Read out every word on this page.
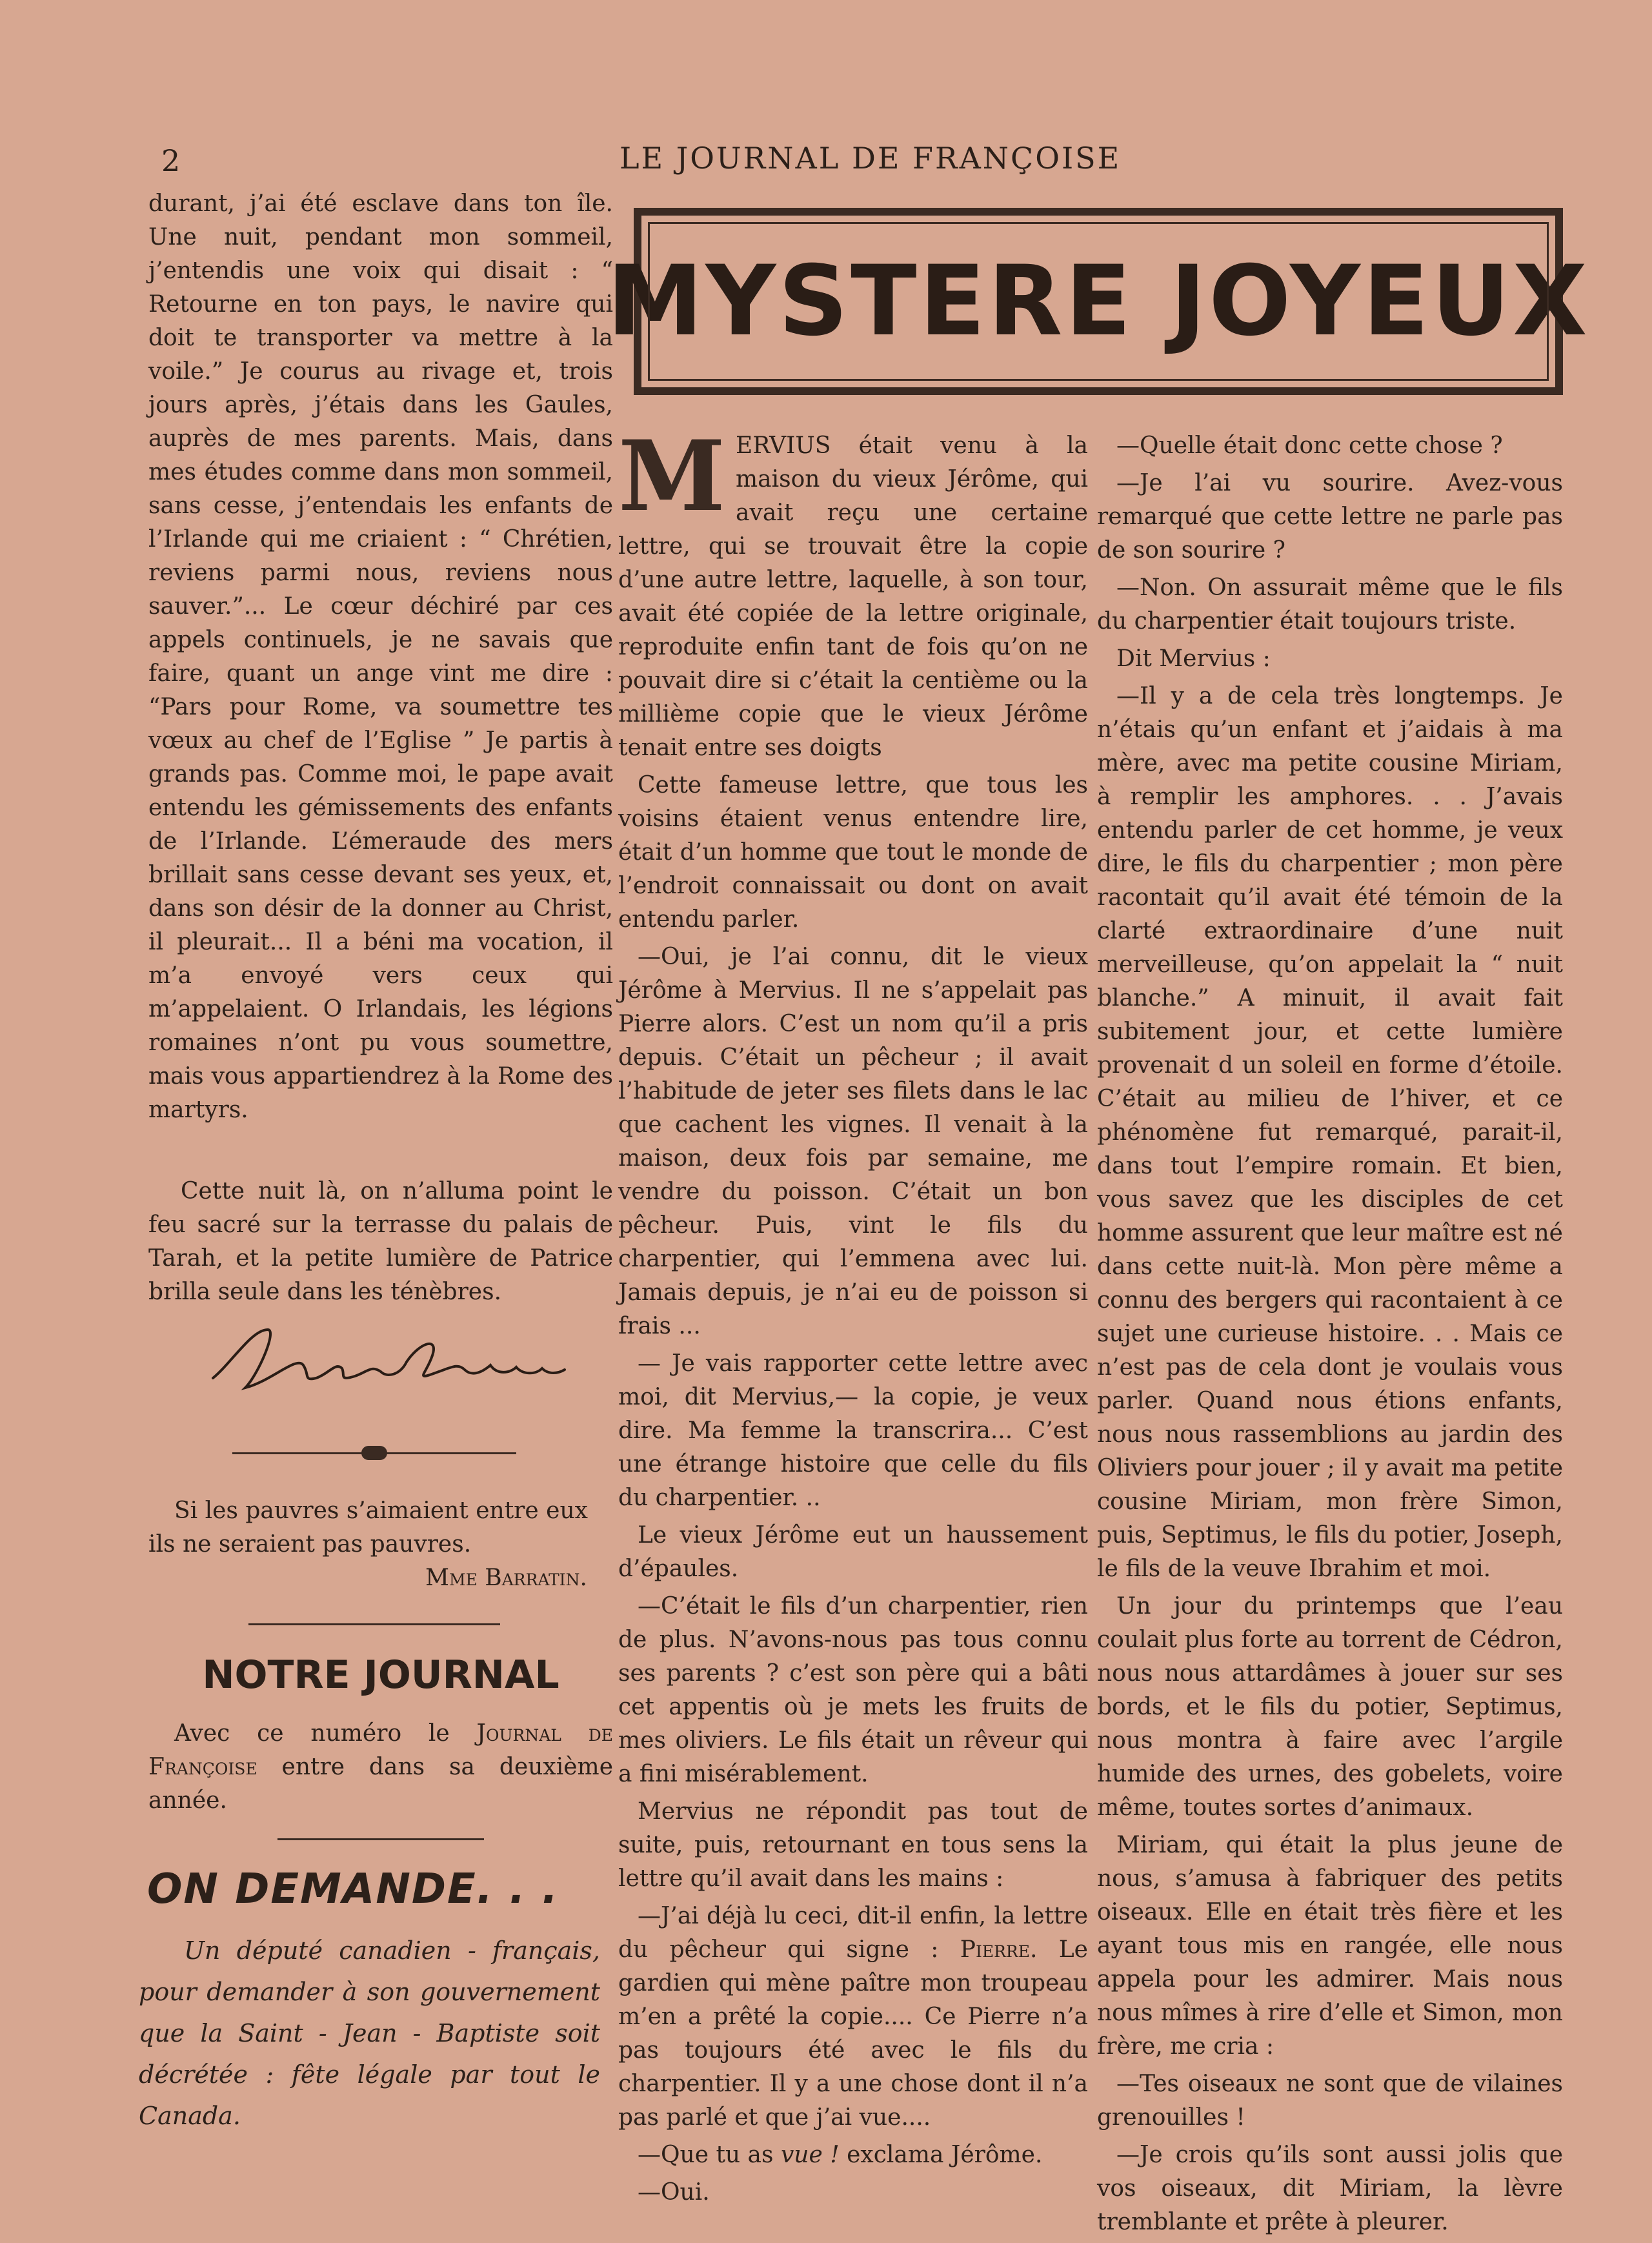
2	LE JOURNAL DE FRANÇOISE

durant, j’ai été esclave dans ton île. Une nuit, pendant mon sommeil, j’entendis une voix qui disait : “ Retourne en ton pays, le navire qui doit te transporter va mettre à la voile.” Je courus au rivage et, trois jours après, j’étais dans les Gaules, auprès de mes parents. Mais, dans mes études comme dans mon sommeil, sans cesse, j’entendais les enfants de l’Irlande qui me criaient : “ Chrétien, reviens parmi nous, reviens nous sauver.”... Le cœur déchiré par ces appels continuels, je ne savais que faire, quant un ange vint me dire : “Pars pour Rome, va soumettre tes vœux au chef de l’Eglise ” Je partis à grands pas. Comme moi, le pape avait entendu les gémissements des enfants de l’Irlande. L’émeraude des mers brillait sans cesse devant ses yeux, et, dans son désir de la donner au Christ, il pleurait... Il a béni ma vocation, il m’a envoyé vers ceux qui m’appelaient. O Irlandais, les légions romaines n’ont pu vous soumettre, mais vous appartiendrez à la Rome des martyrs.

Cette nuit là, on n’alluma point le feu sacré sur la terrasse du palais de Tarah, et la petite lumière de Patrice brilla seule dans les ténèbres.
Si les pauvres s’aimaient entre eux ils ne seraient pas pauvres.
Mme Barratin.
NOTRE JOURNAL
Avec ce numéro le Journal de Françoise entre dans sa deuxième année.
ON DEMANDE. . .
Un député canadien - français, pour demander à son gouvernement que la Saint - Jean - Baptiste soit décrétée : fête légale par tout le Canada.
MYSTERE JOYEUX

MERVIUS était venu à la maison du vieux Jérôme, qui avait reçu une certaine lettre, qui se trouvait être la copie d’une autre lettre, laquelle, à son tour, avait été copiée de la lettre originale, reproduite enfin tant de fois qu’on ne pouvait dire si c’était la centième ou la millième copie que le vieux Jérôme tenait entre ses doigts

Cette fameuse lettre, que tous les voisins étaient venus entendre lire, était d’un homme que tout le monde de l’endroit connaissait ou dont on avait entendu parler.

—Oui, je l’ai connu, dit le vieux Jérôme à Mervius. Il ne s’appelait pas Pierre alors. C’est un nom qu’il a pris depuis. C’était un pêcheur ; il avait l’habitude de jeter ses filets dans le lac que cachent les vignes. Il venait à la maison, deux fois par semaine, me vendre du poisson. C’était un bon pêcheur. Puis, vint le fils du charpentier, qui l’emmena avec lui. Jamais depuis, je n’ai eu de poisson si frais ...

— Je vais rapporter cette lettre avec moi, dit Mervius,— la copie, je veux dire. Ma femme la transcrira... C’est une étrange histoire que celle du fils du charpentier. ..

Le vieux Jérôme eut un haussement d’épaules.

—C’était le fils d’un charpentier, rien de plus. N’avons-nous pas tous connu ses parents ? c’est son père qui a bâti cet appentis où je mets les fruits de mes oliviers. Le fils était un rêveur qui a fini misérablement.

Mervius ne répondit pas tout de suite, puis, retournant en tous sens la lettre qu’il avait dans les mains :

—J’ai déjà lu ceci, dit-il enfin, la lettre du pêcheur qui signe : Pierre. Le gardien qui mène paître mon troupeau m’en a prêté la copie.... Ce Pierre n’a pas toujours été avec le fils du charpentier. Il y a une chose dont il n’a pas parlé et que j’ai vue....

—Que tu as vue ! exclama Jérôme.

—Oui.

—Quelle était donc cette chose ?

—Je l’ai vu sourire. Avez-vous remarqué que cette lettre ne parle pas de son sourire ?

—Non. On assurait même que le fils du charpentier était toujours triste.

Dit Mervius :

—Il y a de cela très longtemps. Je n’étais qu’un enfant et j’aidais à ma mère, avec ma petite cousine Miriam, à remplir les amphores. . . J’avais entendu parler de cet homme, je veux dire, le fils du charpentier ; mon père racontait qu’il avait été témoin de la clarté extraordinaire d’une nuit merveilleuse, qu’on appelait la “ nuit blanche.” A minuit, il avait fait subitement jour, et cette lumière provenait d un soleil en forme d’étoile. C’était au milieu de l’hiver, et ce phénomène fut remarqué, parait-il, dans tout l’empire romain. Et bien, vous savez que les disciples de cet homme assurent que leur maître est né dans cette nuit-là. Mon père même a connu des bergers qui racontaient à ce sujet une curieuse histoire. . . Mais ce n’est pas de cela dont je voulais vous parler. Quand nous étions enfants, nous nous rassemblions au jardin des Oliviers pour jouer ; il y avait ma petite cousine Miriam, mon frère Simon, puis, Septimus, le fils du potier, Joseph, le fils de la veuve Ibrahim et moi.

Un jour du printemps que l’eau coulait plus forte au torrent de Cédron, nous nous attardâmes à jouer sur ses bords, et le fils du potier, Septimus, nous montra à faire avec l’argile humide des urnes, des gobelets, voire même, toutes sortes d’animaux.

Miriam, qui était la plus jeune de nous, s’amusa à fabriquer des petits oiseaux. Elle en était très fière et les ayant tous mis en rangée, elle nous appela pour les admirer. Mais nous nous mîmes à rire d’elle et Simon, mon frère, me cria :

—Tes oiseaux ne sont que de vilaines grenouilles !

—Je crois qu’ils sont aussi jolis que vos oiseaux, dit Miriam, la lèvre tremblante et prête à pleurer.
